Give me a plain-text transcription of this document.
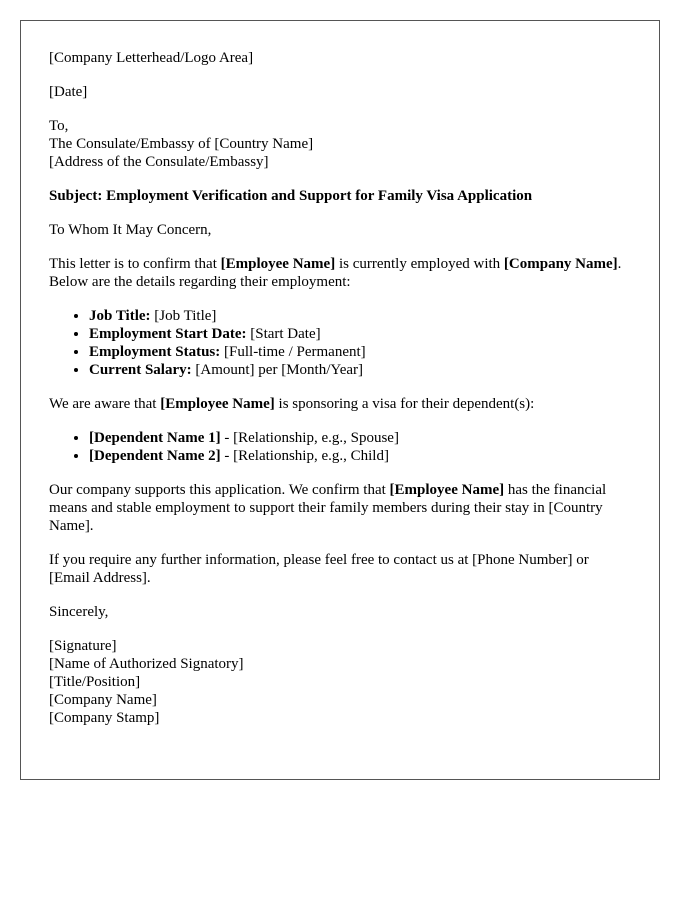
[Company Letterhead/Logo Area]

[Date]

To,
The Consulate/Embassy of [Country Name]
[Address of the Consulate/Embassy]

Subject: Employment Verification and Support for Family Visa Application

To Whom It May Concern,

This letter is to confirm that [Employee Name] is currently employed with [Company Name]. Below are the details regarding their employment:

• Job Title: [Job Title]
• Employment Start Date: [Start Date]
• Employment Status: [Full-time / Permanent]
• Current Salary: [Amount] per [Month/Year]

We are aware that [Employee Name] is sponsoring a visa for their dependent(s):

• [Dependent Name 1] - [Relationship, e.g., Spouse]
• [Dependent Name 2] - [Relationship, e.g., Child]

Our company supports this application. We confirm that [Employee Name] has the financial means and stable employment to support their family members during their stay in [Country Name].

If you require any further information, please feel free to contact us at [Phone Number] or [Email Address].

Sincerely,

[Signature]
[Name of Authorized Signatory]
[Title/Position]
[Company Name]
[Company Stamp]
